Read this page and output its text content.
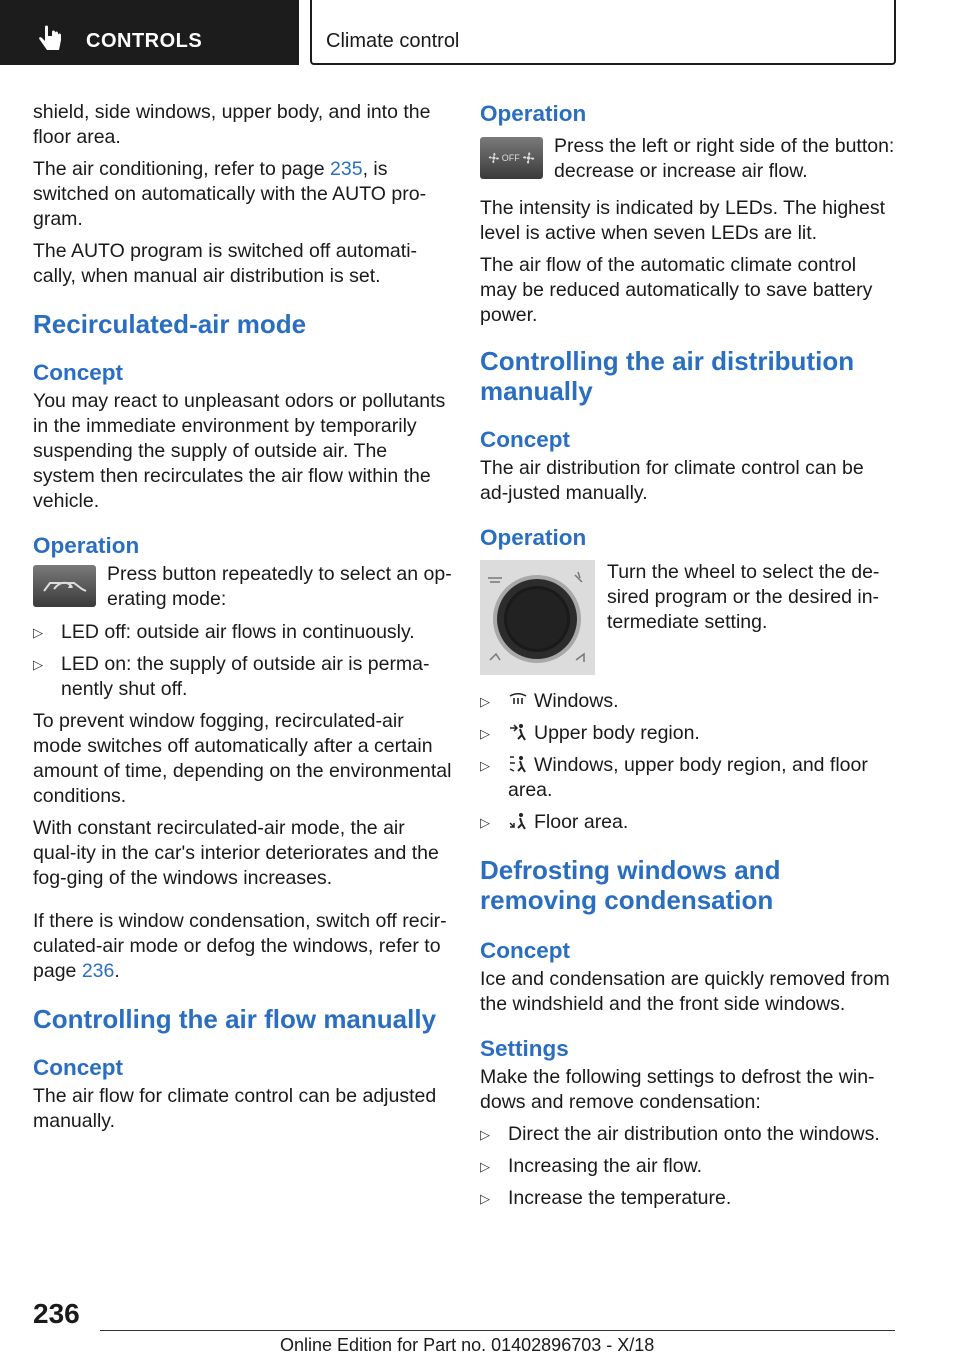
CONTROLS	Climate control

shield, side windows, upper body, and into the floor area.

The air conditioning, refer to page 235, is switched on automatically with the AUTO pro‐gram.

The AUTO program is switched off automati‐cally, when manual air distribution is set.

Recirculated-air mode
Concept

You may react to unpleasant odors or pollutants in the immediate environment by temporarily suspending the supply of outside air. The system then recirculates the air flow within the vehicle.

Operation
Press button repeatedly to select an op‐erating mode:
▷ LED off: outside air flows in continuously.
▷ LED on: the supply of outside air is perma‐nently shut off.

To prevent window fogging, recirculated-air mode switches off automatically after a certain amount of time, depending on the environmental conditions.

With constant recirculated-air mode, the air qual‐ity in the car's interior deteriorates and the fog‐ging of the windows increases.

If there is window condensation, switch off recir‐culated-air mode or defog the windows, refer to page 236.

Controlling the air flow manually
Concept

The air flow for climate control can be adjusted manually.

Operation
OFF
Press the left or right side of the button: decrease or increase air flow.

The intensity is indicated by LEDs. The highest level is active when seven LEDs are lit.

The air flow of the automatic climate control may be reduced automatically to save battery power.

Controlling the air distribution manually
Concept

The air distribution for climate control can be ad‐justed manually.

Operation
Turn the wheel to select the de‐sired program or the desired in‐termediate setting.
▷ Windows.
▷ Upper body region.
▷ Windows, upper body region, and floor area.
▷ Floor area.
Defrosting windows and removing condensation
Concept

Ice and condensation are quickly removed from the windshield and the front side windows.

Settings

Make the following settings to defrost the win‐dows and remove condensation:

▷ Direct the air distribution onto the windows.
▷ Increasing the air flow.
▷ Increase the temperature.
236
Online Edition for Part no. 01402896703 - X/18
